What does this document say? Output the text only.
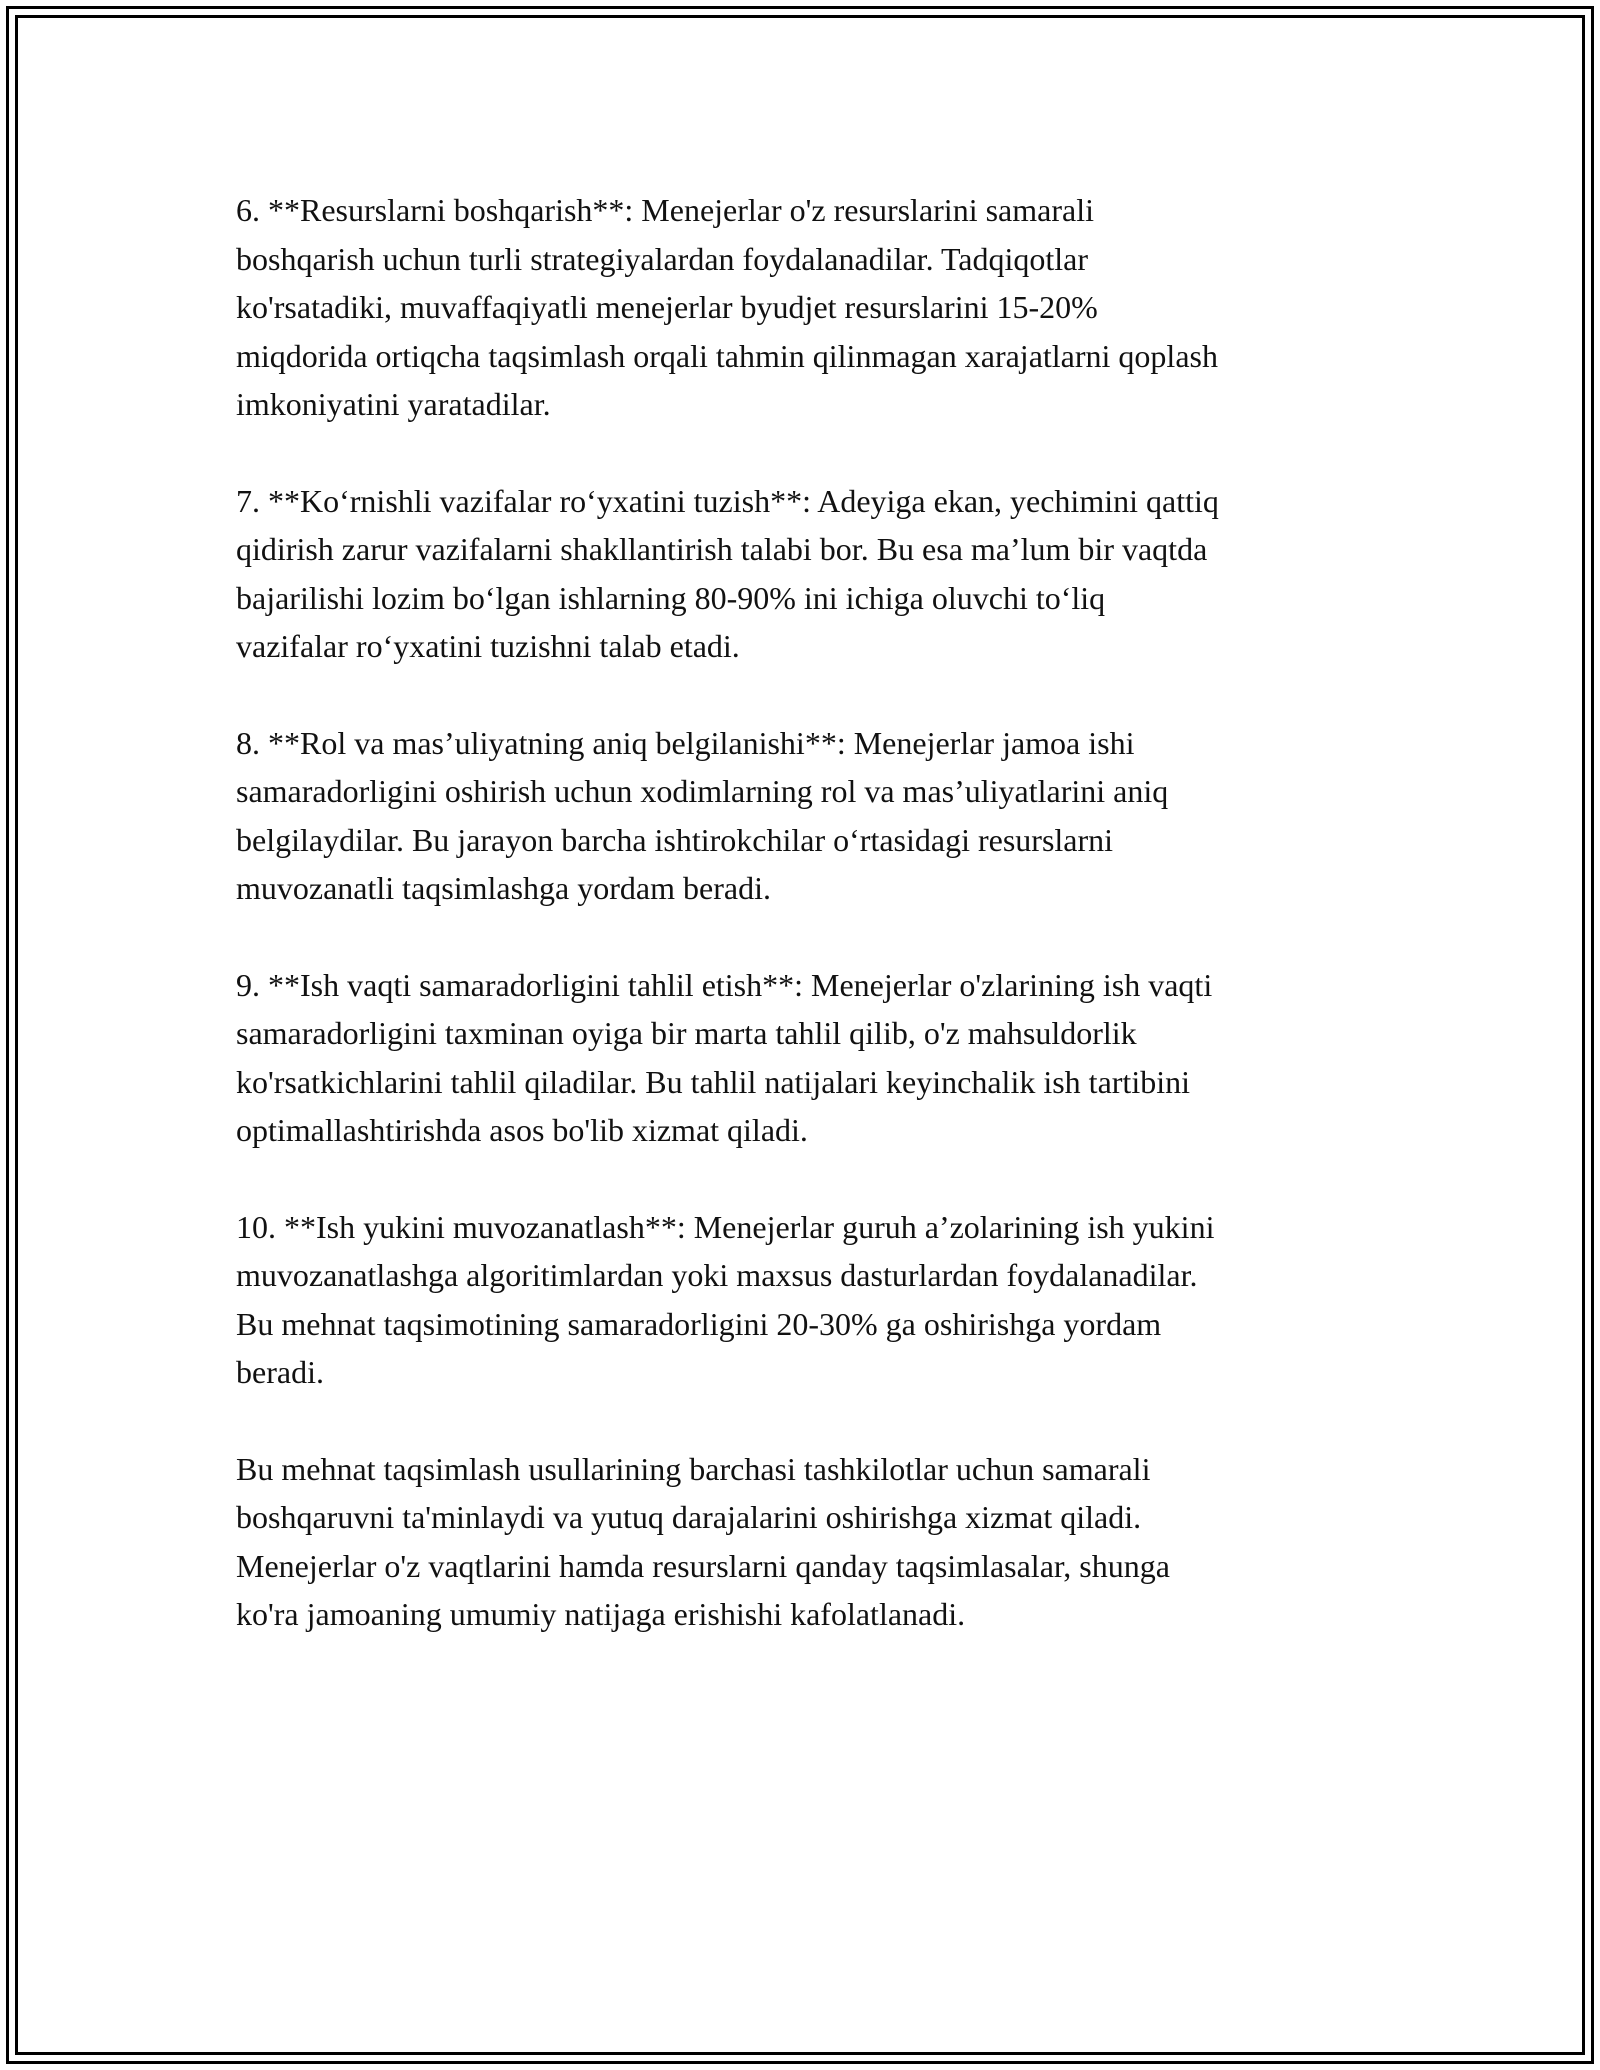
6. **Resurslarni boshqarish**: Menejerlar o'z resurslarini samarali
boshqarish uchun turli strategiyalardan foydalanadilar. Tadqiqotlar
ko'rsatadiki, muvaffaqiyatli menejerlar byudjet resurslarini 15-20%
miqdorida ortiqcha taqsimlash orqali tahmin qilinmagan xarajatlarni qoplash
imkoniyatini yaratadilar.

7. **Koʻrnishli vazifalar roʻyxatini tuzish**: Adeyiga ekan, yechimini qattiq
qidirish zarur vazifalarni shakllantirish talabi bor. Bu esa maʼlum bir vaqtda
bajarilishi lozim boʻlgan ishlarning 80-90% ini ichiga oluvchi toʻliq
vazifalar roʻyxatini tuzishni talab etadi.

8. **Rol va mas’uliyatning aniq belgilanishi**: Menejerlar jamoa ishi
samaradorligini oshirish uchun xodimlarning rol va mas’uliyatlarini aniq
belgilaydilar. Bu jarayon barcha ishtirokchilar oʻrtasidagi resurslarni
muvozanatli taqsimlashga yordam beradi.

9. **Ish vaqti samaradorligini tahlil etish**: Menejerlar o'zlarining ish vaqti
samaradorligini taxminan oyiga bir marta tahlil qilib, o'z mahsuldorlik
ko'rsatkichlarini tahlil qiladilar. Bu tahlil natijalari keyinchalik ish tartibini
optimallashtirishda asos bo'lib xizmat qiladi.

10. **Ish yukini muvozanatlash**: Menejerlar guruh a’zolarining ish yukini
muvozanatlashga algoritimlardan yoki maxsus dasturlardan foydalanadilar.
Bu mehnat taqsimotining samaradorligini 20-30% ga oshirishga yordam
beradi.

Bu mehnat taqsimlash usullarining barchasi tashkilotlar uchun samarali
boshqaruvni ta'minlaydi va yutuq darajalarini oshirishga xizmat qiladi.
Menejerlar o'z vaqtlarini hamda resurslarni qanday taqsimlasalar, shunga
ko'ra jamoaning umumiy natijaga erishishi kafolatlanadi.
